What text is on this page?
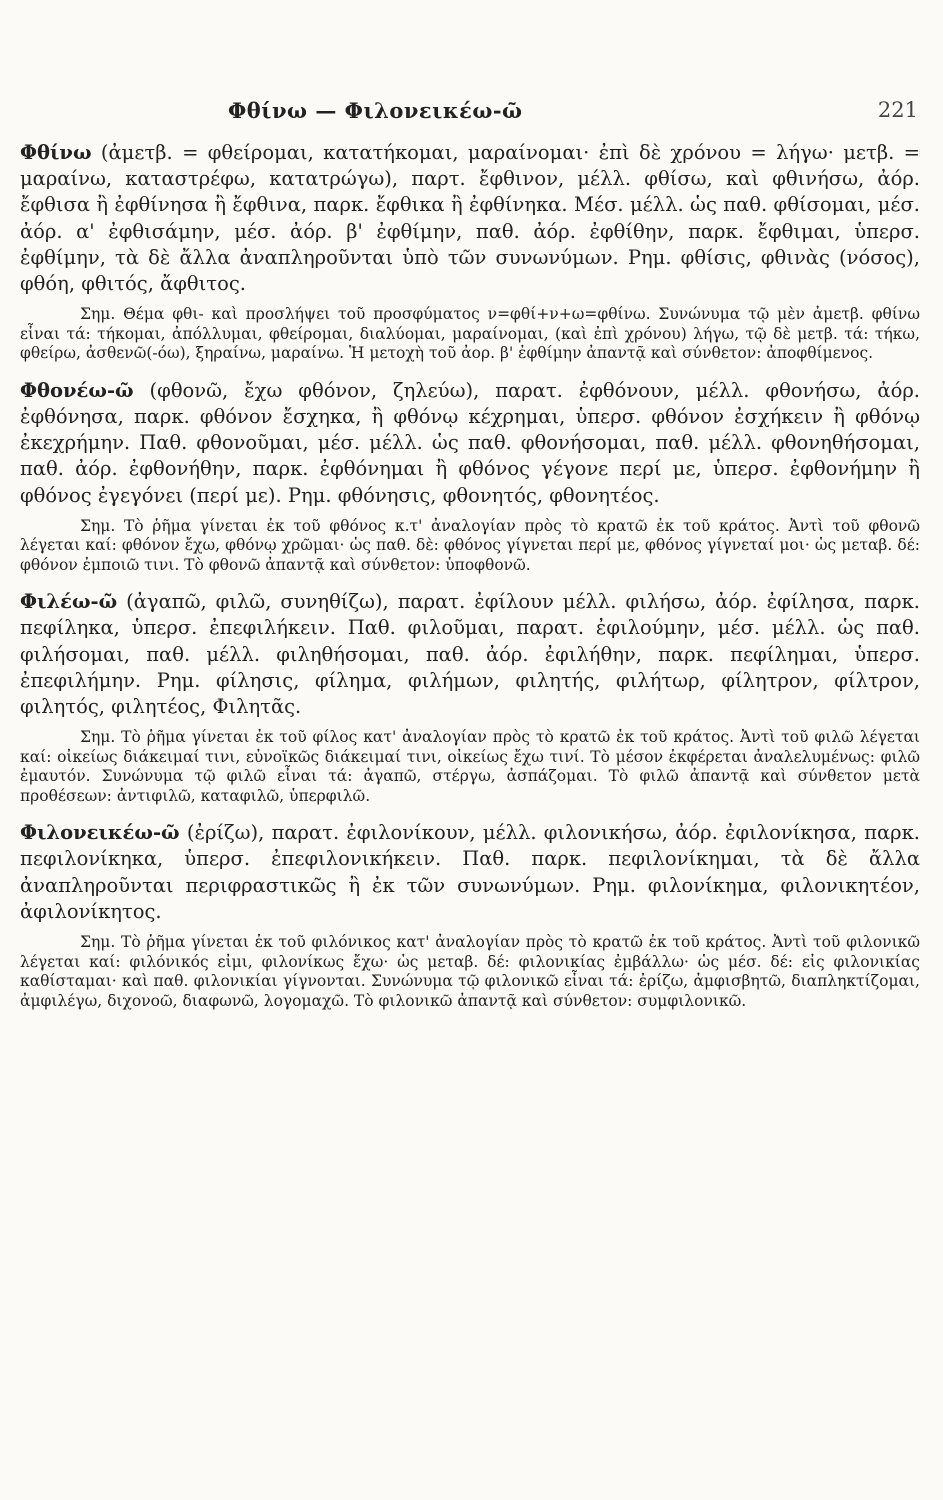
Φθίνω — Φιλονεικέω-ῶ	221

Φθίνω (ἀμετβ. = φθείρομαι, κατατήκομαι, μαραίνομαι· ἐπὶ δὲ χρόνου = λήγω· μετβ. = μαραίνω, καταστρέφω, κατατρώγω), παρτ. ἔφθινον, μέλλ. φθίσω, καὶ φθινήσω, ἀόρ. ἔφθισα ἢ ἐφθίνησα ἢ ἔφθινα, παρκ. ἔφθικα ἢ ἐφθίνηκα. Μέσ. μέλλ. ὡς παθ. φθίσομαι, μέσ. ἀόρ. α' ἐφθισάμην, μέσ. ἀόρ. β' ἐφθίμην, παθ. ἀόρ. ἐφθίθην, παρκ. ἔφθιμαι, ὑπερσ. ἐφθίμην, τὰ δὲ ἄλλα ἀναπληροῦνται ὑπὸ τῶν συνωνύμων. Ρημ. φθίσις, φθινὰς (νόσος), φθόη, φθιτός, ἄφθιτος.

Σημ. Θέμα φθι- καὶ προσλήψει τοῦ προσφύματος ν=φθί+ν+ω=φθίνω. Συνώνυμα τῷ μὲν ἀμετβ. φθίνω εἶναι τά: τήκομαι, ἀπόλλυμαι, φθείρομαι, διαλύομαι, μαραίνομαι, (καὶ ἐπὶ χρόνου) λήγω, τῷ δὲ μετβ. τά: τήκω, φθείρω, ἀσθενῶ(-όω), ξηραίνω, μαραίνω. Ἡ μετοχὴ τοῦ ἀορ. β' ἐφθίμην ἀπαντᾷ καὶ σύνθετον: ἀποφθίμενος.

Φθονέω-ῶ (φθονῶ, ἔχω φθόνον, ζηλεύω), παρατ. ἐφθόνουν, μέλλ. φθονήσω, ἀόρ. ἐφθόνησα, παρκ. φθόνον ἔσχηκα, ἢ φθόνῳ κέχρημαι, ὑπερσ. φθόνον ἐσχήκειν ἢ φθόνῳ ἐκεχρήμην. Παθ. φθονοῦμαι, μέσ. μέλλ. ὡς παθ. φθονήσομαι, παθ. μέλλ. φθονηθήσομαι, παθ. ἀόρ. ἐφθονήθην, παρκ. ἐφθόνημαι ἢ φθόνος γέγονε περί με, ὑπερσ. ἐφθονήμην ἢ φθόνος ἐγεγόνει (περί με). Ρημ. φθόνησις, φθονητός, φθονητέος.

Σημ. Τὸ ῥῆμα γίνεται ἐκ τοῦ φθόνος κ.τ' ἀναλογίαν πρὸς τὸ κρατῶ ἐκ τοῦ κράτος. Ἀντὶ τοῦ φθονῶ λέγεται καί: φθόνον ἔχω, φθόνῳ χρῶμαι· ὡς παθ. δὲ: φθόνος γίγνεται περί με, φθόνος γίγνεταί μοι· ὡς μεταβ. δέ: φθόνον ἐμποιῶ τινι. Τὸ φθονῶ ἀπαντᾷ καὶ σύνθετον: ὑποφθονῶ.

Φιλέω-ῶ (ἀγαπῶ, φιλῶ, συνηθίζω), παρατ. ἐφίλουν μέλλ. φιλήσω, ἀόρ. ἐφίλησα, παρκ. πεφίληκα, ὑπερσ. ἐπεφιλήκειν. Παθ. φιλοῦμαι, παρατ. ἐφιλούμην, μέσ. μέλλ. ὡς παθ. φιλήσομαι, παθ. μέλλ. φιληθήσομαι, παθ. ἀόρ. ἐφιλήθην, παρκ. πεφίλημαι, ὑπερσ. ἐπεφιλήμην. Ρημ. φίλησις, φίλημα, φιλήμων, φιλητής, φιλήτωρ, φίλητρον, φίλτρον, φιλητός, φιλητέος, Φιλητᾶς.

Σημ. Τὸ ῥῆμα γίνεται ἐκ τοῦ φίλος κατ' ἀναλογίαν πρὸς τὸ κρατῶ ἐκ τοῦ κράτος. Ἀντὶ τοῦ φιλῶ λέγεται καί: οἰκείως διάκειμαί τινι, εὐνοϊκῶς διάκειμαί τινι, οἰκείως ἔχω τινί. Τὸ μέσον ἐκφέρεται ἀναλελυμένως: φιλῶ ἐμαυτόν. Συνώνυμα τῷ φιλῶ εἶναι τά: ἀγαπῶ, στέργω, ἀσπάζομαι. Τὸ φιλῶ ἀπαντᾷ καὶ σύνθετον μετὰ προθέσεων: ἀντιφιλῶ, καταφιλῶ, ὑπερφιλῶ.

Φιλονεικέω-ῶ (ἐρίζω), παρατ. ἐφιλονίκουν, μέλλ. φιλονικήσω, ἀόρ. ἐφιλονίκησα, παρκ. πεφιλονίκηκα, ὑπερσ. ἐπεφιλονικήκειν. Παθ. παρκ. πεφιλονίκημαι, τὰ δὲ ἄλλα ἀναπληροῦνται περιφραστικῶς ἢ ἐκ τῶν συνωνύμων. Ρημ. φιλονίκημα, φιλονικητέον, ἀφιλονίκητος.

Σημ. Τὸ ῥῆμα γίνεται ἐκ τοῦ φιλόνικος κατ' ἀναλογίαν πρὸς τὸ κρατῶ ἐκ τοῦ κράτος. Ἀντὶ τοῦ φιλονικῶ λέγεται καί: φιλόνικός εἰμι, φιλονίκως ἔχω· ὡς μεταβ. δέ: φιλονικίας ἐμβάλλω· ὡς μέσ. δέ: εἰς φιλονικίας καθίσταμαι· καὶ παθ. φιλονικίαι γίγνονται. Συνώνυμα τῷ φιλονικῶ εἶναι τά: ἐρίζω, ἀμφισβητῶ, διαπληκτίζομαι, ἀμφιλέγω, διχονοῶ, διαφωνῶ, λογομαχῶ. Τὸ φιλονικῶ ἀπαντᾷ καὶ σύνθετον: συμφιλονικῶ.
